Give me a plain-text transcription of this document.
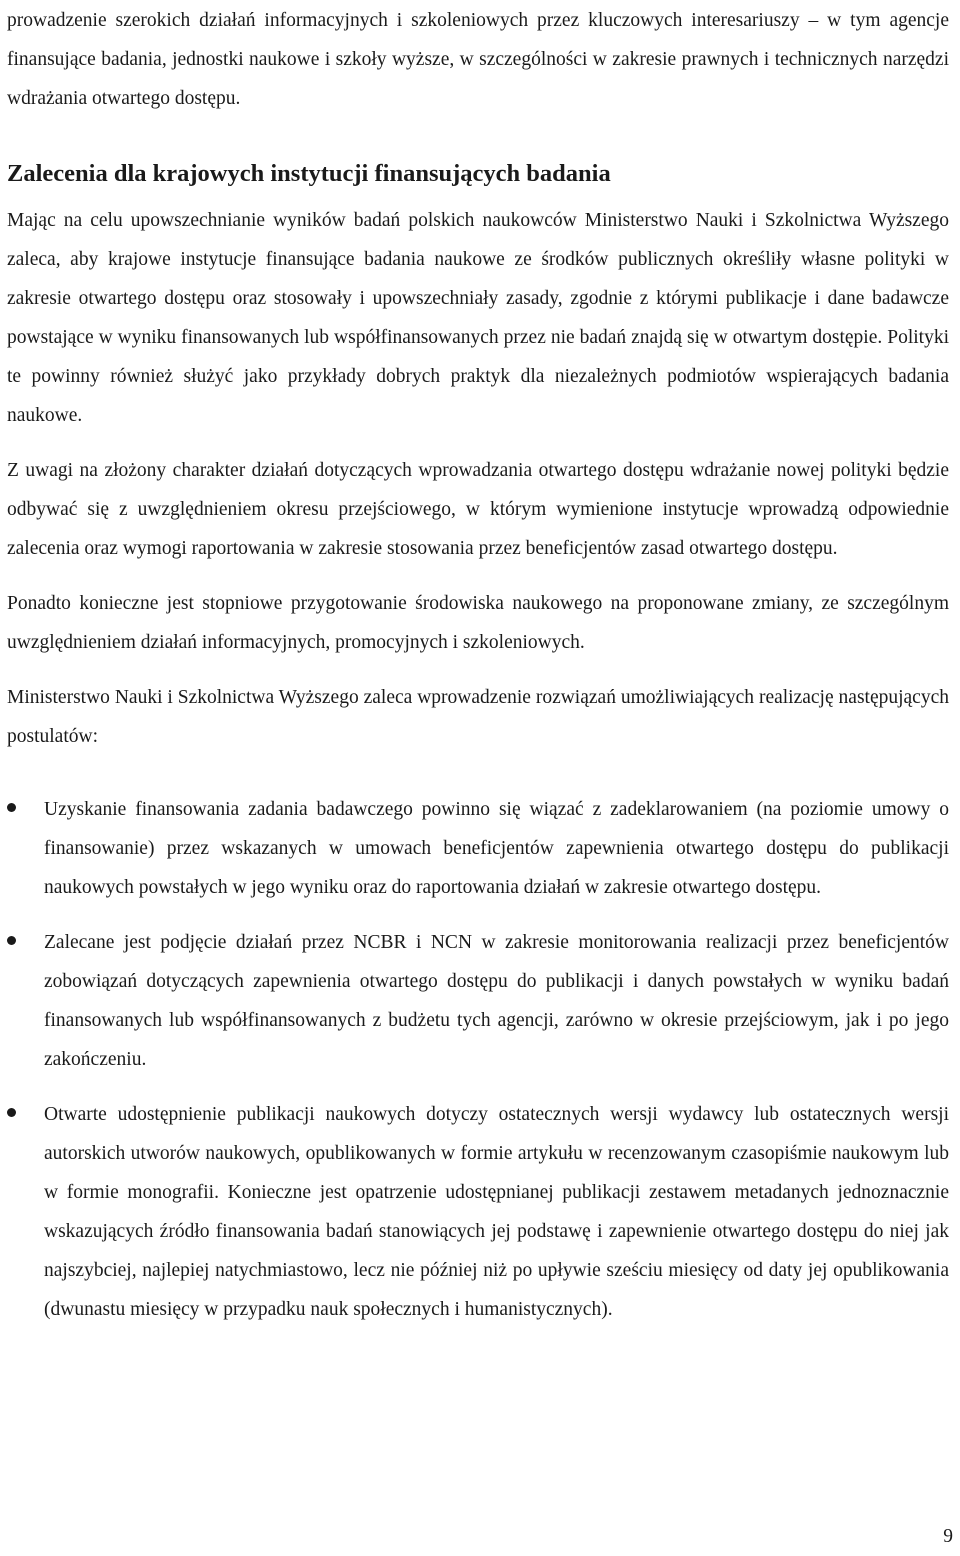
prowadzenie szerokich działań informacyjnych i szkoleniowych przez kluczowych interesariuszy – w tym agencje finansujące badania, jednostki naukowe i szkoły wyższe, w szczególności w zakresie prawnych i technicznych narzędzi wdrażania otwartego dostępu.

Zalecenia dla krajowych instytucji finansujących badania

Mając na celu upowszechnianie wyników badań polskich naukowców Ministerstwo Nauki i Szkolnictwa Wyższego zaleca, aby krajowe instytucje finansujące badania naukowe ze środków publicznych określiły własne polityki w zakresie otwartego dostępu oraz stosowały i upowszechniały zasady, zgodnie z którymi publikacje i dane badawcze powstające w wyniku finansowanych lub współfinansowanych przez nie badań znajdą się w otwartym dostępie. Polityki te powinny również służyć jako przykłady dobrych praktyk dla niezależnych podmiotów wspierających badania naukowe.

Z uwagi na złożony charakter działań dotyczących wprowadzania otwartego dostępu wdrażanie nowej polityki będzie odbywać się z uwzględnieniem okresu przejściowego, w którym wymienione instytucje wprowadzą odpowiednie zalecenia oraz wymogi raportowania w zakresie stosowania przez beneficjentów zasad otwartego dostępu.

Ponadto konieczne jest stopniowe przygotowanie środowiska naukowego na proponowane zmiany, ze szczególnym uwzględnieniem działań informacyjnych, promocyjnych i szkoleniowych.

Ministerstwo Nauki i Szkolnictwa Wyższego zaleca wprowadzenie rozwiązań umożliwiających realizację następujących postulatów:

Uzyskanie finansowania zadania badawczego powinno się wiązać z zadeklarowaniem (na poziomie umowy o finansowanie) przez wskazanych w umowach beneficjentów zapewnienia otwartego dostępu do publikacji naukowych powstałych w jego wyniku oraz do raportowania działań w zakresie otwartego dostępu.

Zalecane jest podjęcie działań przez NCBR i NCN w zakresie monitorowania realizacji przez beneficjentów zobowiązań dotyczących zapewnienia otwartego dostępu do publikacji i danych powstałych w wyniku badań finansowanych lub współfinansowanych z budżetu tych agencji, zarówno w okresie przejściowym, jak i po jego zakończeniu.

Otwarte udostępnienie publikacji naukowych dotyczy ostatecznych wersji wydawcy lub ostatecznych wersji autorskich utworów naukowych, opublikowanych w formie artykułu w recenzowanym czasopiśmie naukowym lub w formie monografii. Konieczne jest opatrzenie udostępnianej publikacji zestawem metadanych jednoznacznie wskazujących źródło finansowania badań stanowiących jej podstawę i zapewnienie otwartego dostępu do niej jak najszybciej, najlepiej natychmiastowo, lecz nie później niż po upływie sześciu miesięcy od daty jej opublikowania (dwunastu miesięcy w przypadku nauk społecznych i humanistycznych).

9
